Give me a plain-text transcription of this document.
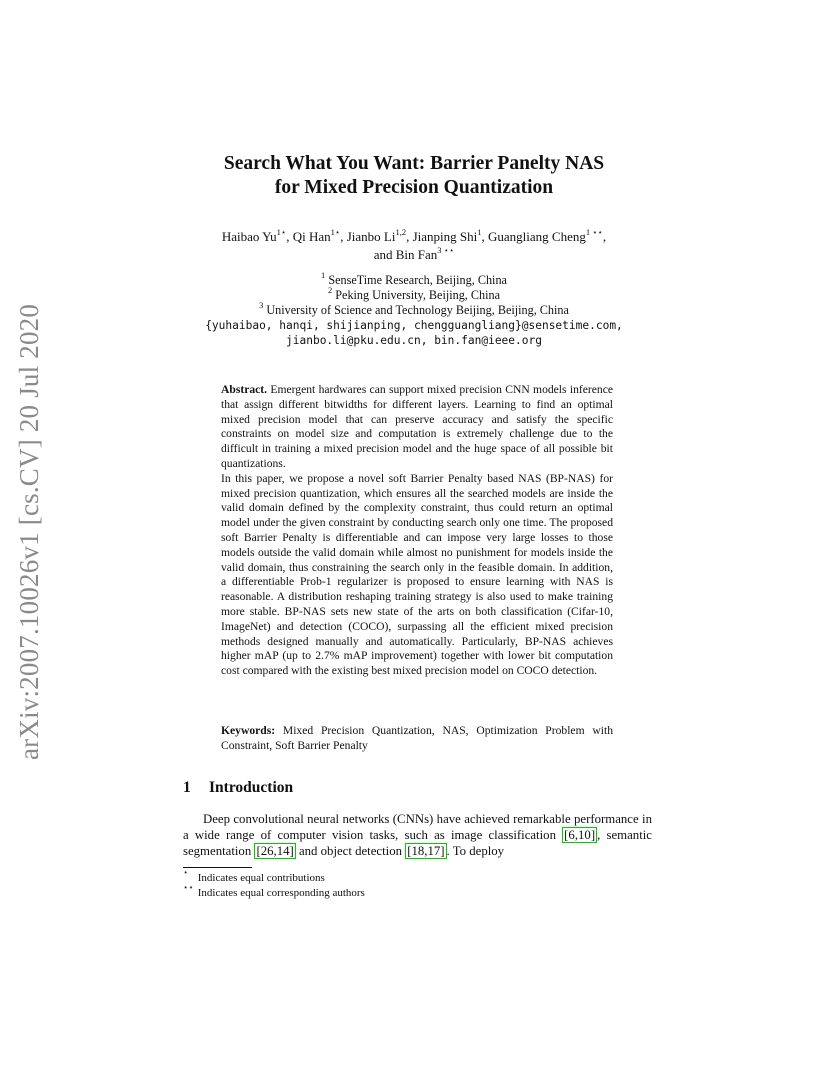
arXiv:2007.10026v1 [cs.CV] 20 Jul 2020
Search What You Want: Barrier Panelty NAS
for Mixed Precision Quantization
Haibao $Yu^{1⋆}$, Qi Han$^{1⋆}$, Jianbo Li$^{1,2}$, Jianping Shi$^1$, Guangliang Cheng$^{1 ⋆⋆}$,
and Bin Fan$^{3 ⋆⋆}$
$^1$ SenseTime Research, Beijing, China
$^2$ Peking University, Beijing, China
$^3$ University of Science and Technology Beijing, Beijing, China
{yuhaibao, hanqi, shijianping, chengguangliang}@sensetime.com,
jianbo.li@pku.edu.cn, bin.fan@ieee.org

Abstract. Emergent hardwares can support mixed precision CNN models inference that assign different bitwidths for different layers. Learning to find an optimal mixed precision model that can preserve accuracy and satisfy the specific constraints on model size and computation is extremely challenge due to the difficult in training a mixed precision model and the huge space of all possible bit quantizations.

In this paper, we propose a novel soft Barrier Penalty based NAS (BP-NAS) for mixed precision quantization, which ensures all the searched models are inside the valid domain defined by the complexity constraint, thus could return an optimal model under the given constraint by conducting search only one time. The proposed soft Barrier Penalty is differentiable and can impose very large losses to those models outside the valid domain while almost no punishment for models inside the valid domain, thus constraining the search only in the feasible domain. In addition, a differentiable Prob-1 regularizer is proposed to ensure learning with NAS is reasonable. A distribution reshaping training strategy is also used to make training more stable. BP-NAS sets new state of the arts on both classification (Cifar-10, ImageNet) and detection (COCO), surpassing all the efficient mixed precision methods designed manually and automatically. Particularly, BP-NAS achieves higher mAP (up to 2.7% mAP improvement) together with lower bit computation cost compared with the existing best mixed precision model on COCO detection.

Keywords: Mixed Precision Quantization, NAS, Optimization Problem with Constraint, Soft Barrier Penalty
1 Introduction
Deep convolutional neural networks (CNNs) have achieved remarkable performance in a wide range of computer vision tasks, such as image classification [6,10] , semantic segmentation [26,14] and object detection [18,17] . To deploy
⋆ Indicates equal contributions
⋆⋆ Indicates equal corresponding authors
